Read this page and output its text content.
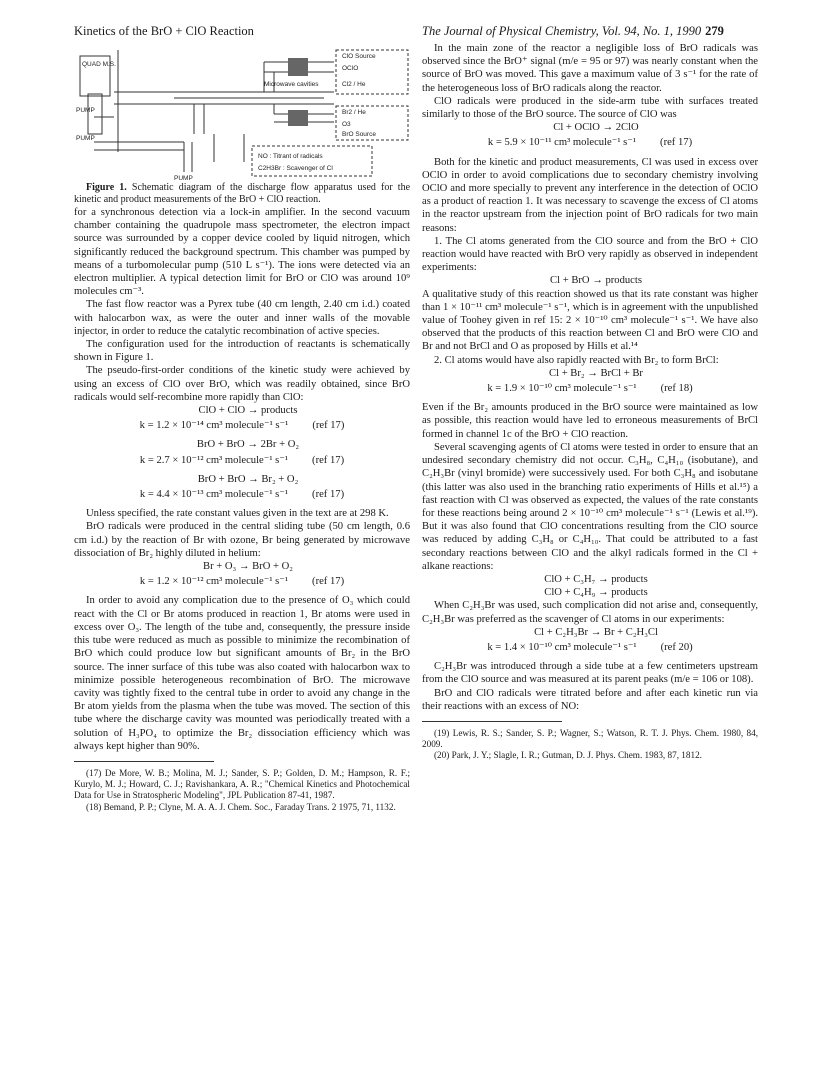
Kinetics of the BrO + ClO Reaction	The Journal of Physical Chemistry, Vol. 94, No. 1, 1990 279
ClO Source
OClO
Cl2 / He
QUAD M.S.
Microwave cavities
Br2 / He
O3
BrO Source
PUMP
PUMP
PUMP
NO : Titrant of radicals
C2H3Br : Scavenger of Cl

Figure 1. Schematic diagram of the discharge flow apparatus used for the kinetic and product measurements of the BrO + ClO reaction.

for a synchronous detection via a lock-in amplifier. In the second vacuum chamber containing the quadrupole mass spectrometer, the electron impact source was surrounded by a copper device cooled by liquid nitrogen, which significantly reduced the background spectrum. This chamber was pumped by means of a turbomolecular pump (510 L s⁻¹). The ions were detected via an electron multiplier. A typical detection limit for BrO or ClO was around 10⁹ molecules cm⁻³.

The fast flow reactor was a Pyrex tube (40 cm length, 2.40 cm i.d.) coated with halocarbon wax, as were the outer and inner walls of the movable injector, in order to reduce the catalytic recombination of active species.

The configuration used for the introduction of reactants is schematically shown in Figure 1.

The pseudo-first-order conditions of the kinetic study were achieved by using an excess of ClO over BrO, which was readily obtained, since BrO radicals would self-recombine more rapidly than ClO:

ClO + ClO → products

k = 1.2 × 10⁻¹⁴ cm³ molecule⁻¹ s⁻¹ (ref 17)

BrO + BrO → 2Br + O₂

k = 2.7 × 10⁻¹² cm³ molecule⁻¹ s⁻¹ (ref 17)

BrO + BrO → Br₂ + O₂

k = 4.4 × 10⁻¹³ cm³ molecule⁻¹ s⁻¹ (ref 17)

Unless specified, the rate constant values given in the text are at 298 K.

BrO radicals were produced in the central sliding tube (50 cm length, 0.6 cm i.d.) by the reaction of Br with ozone, Br being generated by microwave dissociation of Br₂ highly diluted in helium:

Br + O₃ → BrO + O₂

k = 1.2 × 10⁻¹² cm³ molecule⁻¹ s⁻¹ (ref 17)

In order to avoid any complication due to the presence of O₃ which could react with the Cl or Br atoms produced in reaction 1, Br atoms were used in excess over O₃. The length of the tube and, consequently, the pressure inside this tube were reduced as much as possible to minimize the recombination of BrO which could produce low but significant amounts of Br₂ in the BrO source. The inner surface of this tube was also coated with halocarbon wax to minimize possible heterogeneous recombination of BrO. The microwave cavity was tightly fixed to the central tube in order to avoid any change in the Br atom yields from the plasma when the tube was moved. The section of this tube where the discharge cavity was mounted was periodically treated with a solution of H₃PO₄ to optimize the Br₂ dissociation efficiency which was always kept higher than 90%.

(17) De More, W. B.; Molina, M. J.; Sander, S. P.; Golden, D. M.; Hampson, R. F.; Kurylo, M. J.; Howard, C. J.; Ravishankara, A. R.; "Chemical Kinetics and Photochemical Data for Use in Stratospheric Modeling", JPL Publication 87-41, 1987.

(18) Bemand, P. P.; Clyne, M. A. A. J. Chem. Soc., Faraday Trans. 2 1975, 71, 1132.

In the main zone of the reactor a negligible loss of BrO radicals was observed since the BrO⁺ signal (m/e = 95 or 97) was nearly constant when the source of BrO was moved. This gave a maximum value of 3 s⁻¹ for the rate of the heterogeneous loss of BrO radicals along the reactor.

ClO radicals were produced in the side-arm tube with surfaces treated similarly to those of the BrO source. The source of ClO was

Cl + OClO → 2ClO

k = 5.9 × 10⁻¹¹ cm³ molecule⁻¹ s⁻¹ (ref 17)

Both for the kinetic and product measurements, Cl was used in excess over OClO in order to avoid complications due to secondary chemistry involving OClO and more specially to prevent any interference in the detection of OClO as a product of reaction 1. It was necessary to scavenge the excess of Cl atoms in the reactor upstream from the injection point of BrO radicals for two main reasons:

1. The Cl atoms generated from the ClO source and from the BrO + ClO reaction would have reacted with BrO very rapidly as observed in independent experiments:

Cl + BrO → products

A qualitative study of this reaction showed us that its rate constant was higher than 1 × 10⁻¹¹ cm³ molecule⁻¹ s⁻¹, which is in agreement with the unpublished value of Toohey given in ref 15: 2 × 10⁻¹⁰ cm³ molecule⁻¹ s⁻¹. We have also observed that the products of this reaction between Cl and BrO were ClO and Br and not BrCl and O as proposed by Hills et al.¹⁴

2. Cl atoms would have also rapidly reacted with Br₂ to form BrCl:

Cl + Br₂ → BrCl + Br

k = 1.9 × 10⁻¹⁰ cm³ molecule⁻¹ s⁻¹ (ref 18)

Even if the Br₂ amounts produced in the BrO source were maintained as low as possible, this reaction would have led to erroneous measurements of BrCl formed in channel 1c of the BrO + ClO reaction.

Several scavenging agents of Cl atoms were tested in order to ensure that an undesired secondary chemistry did not occur. C₃H₈, C₄H₁₀ (isobutane), and C₂H₃Br (vinyl bromide) were successively used. For both C₃H₈ and isobutane (this latter was also used in the branching ratio experiments of Hills et al.¹⁵) a fast reaction with Cl was observed as expected, the values of the rate constants for these reactions being around 2 × 10⁻¹⁰ cm³ molecule⁻¹ s⁻¹ (Lewis et al.¹⁹). But it was also found that ClO concentrations resulting from the ClO source was reduced by adding C₃H₈ or C₄H₁₀. That could be attributed to a fast secondary reactions between ClO and the alkyl radicals formed in the Cl + alkane reactions:

ClO + C₃H₇ → products

ClO + C₄H₉ → products

When C₂H₃Br was used, such complication did not arise and, consequently, C₂H₃Br was preferred as the scavenger of Cl atoms in our experiments:

Cl + C₂H₃Br → Br + C₂H₃Cl

k = 1.4 × 10⁻¹⁰ cm³ molecule⁻¹ s⁻¹ (ref 20)

C₂H₃Br was introduced through a side tube at a few centimeters upstream from the ClO source and was measured at its parent peaks (m/e = 106 or 108).

BrO and ClO radicals were titrated before and after each kinetic run via their reactions with an excess of NO:

(19) Lewis, R. S.; Sander, S. P.; Wagner, S.; Watson, R. T. J. Phys. Chem. 1980, 84, 2009.

(20) Park, J. Y.; Slagle, I. R.; Gutman, D. J. Phys. Chem. 1983, 87, 1812.
